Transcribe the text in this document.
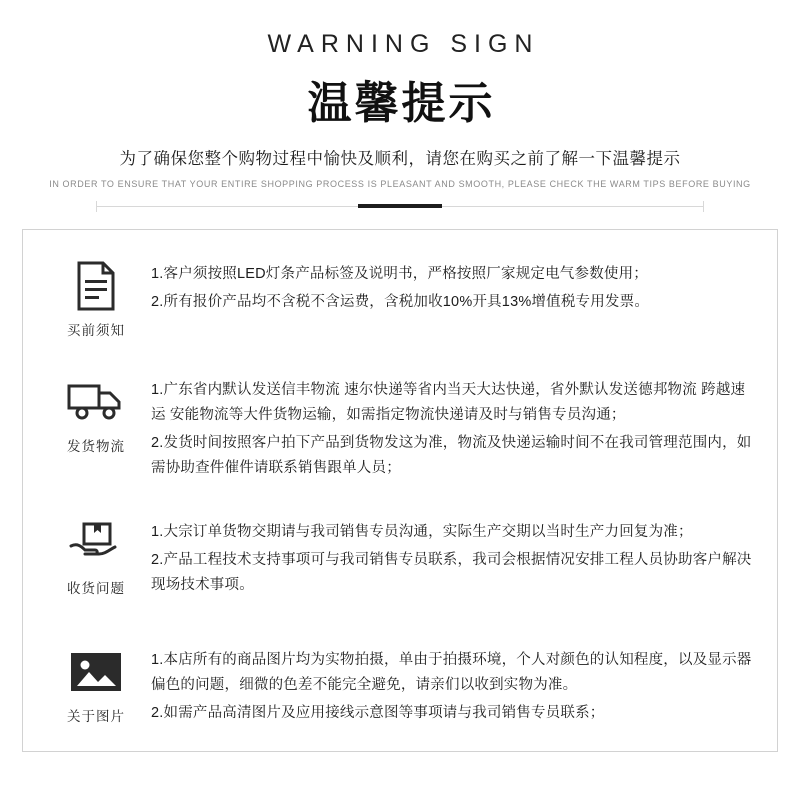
WARNING SIGN
温馨提示

为了确保您整个购物过程中愉快及顺利，请您在购买之前了解一下温馨提示

IN ORDER TO ENSURE THAT YOUR ENTIRE SHOPPING PROCESS IS PLEASANT AND SMOOTH, PLEASE CHECK THE WARM TIPS BEFORE BUYING

买前须知
1.客户须按照LED灯条产品标签及说明书，严格按照厂家规定电气参数使用；
2.所有报价产品均不含税不含运费，含税加收10%开具13%增值税专用发票。
发货物流
1.广东省内默认发送信丰物流 速尔快递等省内当天大达快递，省外默认发送德邦物流 跨越速运 安能物流等大件货物运输，如需指定物流快递请及时与销售专员沟通；
2.发货时间按照客户拍下产品到货物发这为准，物流及快递运输时间不在我司管理范围内，如需协助查件催件请联系销售跟单人员；
收货问题
1.大宗订单货物交期请与我司销售专员沟通，实际生产交期以当时生产力回复为准；
2.产品工程技术支持事项可与我司销售专员联系，我司会根据情况安排工程人员协助客户解决现场技术事项。
关于图片
1.本店所有的商品图片均为实物拍摄，单由于拍摄环境，个人对颜色的认知程度，以及显示器偏色的问题，细微的色差不能完全避免，请亲们以收到实物为准。
2.如需产品高清图片及应用接线示意图等事项请与我司销售专员联系；
